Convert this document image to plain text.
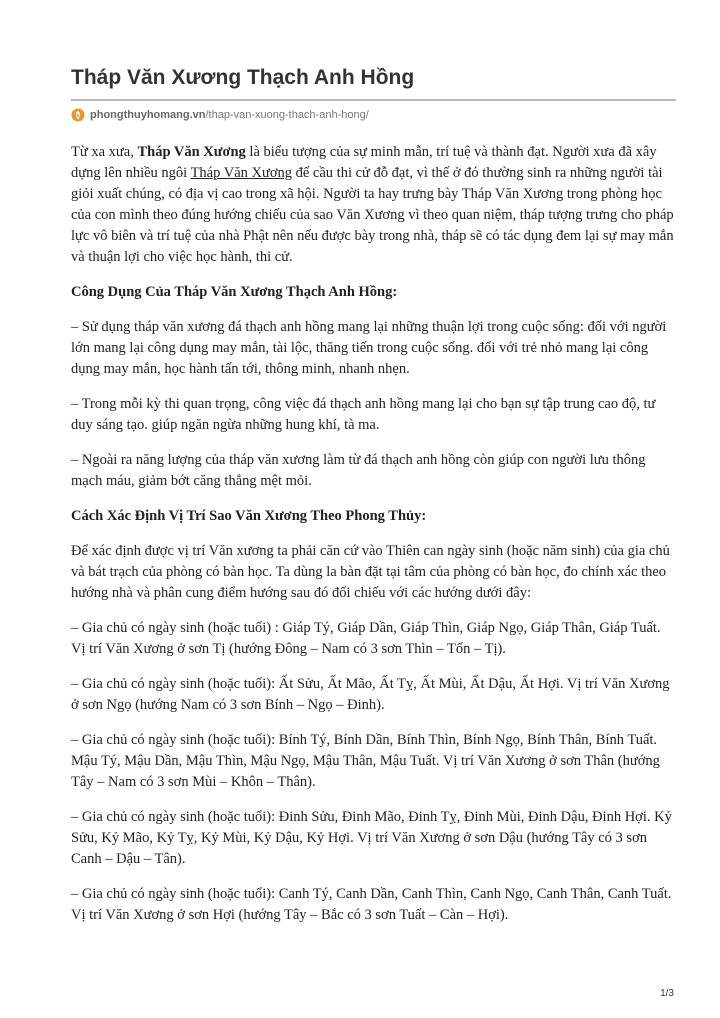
Tháp Văn Xương Thạch Anh Hồng
phongthuyhomang.vn /thap-van-xuong-thach-anh-hong/

Từ xa xưa, Tháp Văn Xương là biểu tượng của sự minh mẫn, trí tuệ và thành đạt. Người xưa đã xây dựng lên nhiều ngôi Tháp Văn Xương để cầu thi cử đỗ đạt, vì thế ở đó thường sinh ra những người tài giỏi xuất chúng, có địa vị cao trong xã hội. Người ta hay trưng bày Tháp Văn Xương trong phòng học của con mình theo đúng hướng chiếu của sao Văn Xương vì theo quan niệm, tháp tượng trưng cho pháp lực vô biên và trí tuệ của nhà Phật nên nếu được bày trong nhà, tháp sẽ có tác dụng đem lại sự may mắn và thuận lợi cho việc học hành, thi cử.

Công Dụng Của Tháp Văn Xương Thạch Anh Hồng:

– Sử dụng tháp văn xương đá thạch anh hồng mang lại những thuận lợi trong cuộc sống: đối với người lớn mang lại công dụng may mắn, tài lộc, thăng tiến trong cuộc sống. đối với trẻ nhỏ mang lại công dụng may mắn, học hành tấn tới, thông minh, nhanh nhẹn.

– Trong mỗi kỳ thi quan trọng, công việc đá thạch anh hồng mang lại cho bạn sự tập trung cao độ, tư duy sáng tạo. giúp ngăn ngừa những hung khí, tà ma.

– Ngoài ra năng lượng của tháp văn xương làm từ đá thạch anh hồng còn giúp con người lưu thông mạch máu, giảm bớt căng thẳng mệt mỏi.

Cách Xác Định Vị Trí Sao Văn Xương Theo Phong Thủy:

Để xác định được vị trí Văn xương ta phải căn cứ vào Thiên can ngày sinh (hoặc năm sinh) của gia chủ và bát trạch của phòng có bàn học. Ta dùng la bàn đặt tại tâm của phòng có bàn học, đo chính xác theo hướng nhà và phân cung điểm hướng sau đó đối chiếu với các hướng dưới đây:

– Gia chủ có ngày sinh (hoặc tuổi) : Giáp Tý, Giáp Dần, Giáp Thìn, Giáp Ngọ, Giáp Thân, Giáp Tuất. Vị trí Văn Xương ở sơn Tị (hướng Đông – Nam có 3 sơn Thìn – Tốn – Tị).

– Gia chủ có ngày sinh (hoặc tuổi): Ất Sửu, Ất Mão, Ất Tỵ, Ất Mùi, Ất Dậu, Ất Hợi. Vị trí Văn Xương ở sơn Ngọ (hướng Nam có 3 sơn Bính – Ngọ – Đinh).

– Gia chủ có ngày sinh (hoặc tuổi): Bính Tý, Bính Dần, Bính Thìn, Bính Ngọ, Bính Thân, Bính Tuất. Mậu Tý, Mậu Dần, Mậu Thìn, Mậu Ngọ, Mậu Thân, Mậu Tuất. Vị trí Văn Xương ở sơn Thân (hướng Tây – Nam có 3 sơn Mùi – Khôn – Thân).

– Gia chủ có ngày sinh (hoặc tuổi): Đinh Sửu, Đinh Mão, Đinh Tỵ, Đinh Mùi, Đinh Dậu, Đinh Hợi. Kỷ Sửu, Kỷ Mão, Kỷ Tỵ, Kỷ Mùi, Kỷ Dậu, Kỷ Hợi. Vị trí Văn Xương ở sơn Dậu (hướng Tây có 3 sơn Canh – Dậu – Tân).

– Gia chủ có ngày sinh (hoặc tuổi): Canh Tý, Canh Dần, Canh Thìn, Canh Ngọ, Canh Thân, Canh Tuất. Vị trí Văn Xương ở sơn Hợi (hướng Tây – Bắc có 3 sơn Tuất – Càn – Hợi).

1/3
